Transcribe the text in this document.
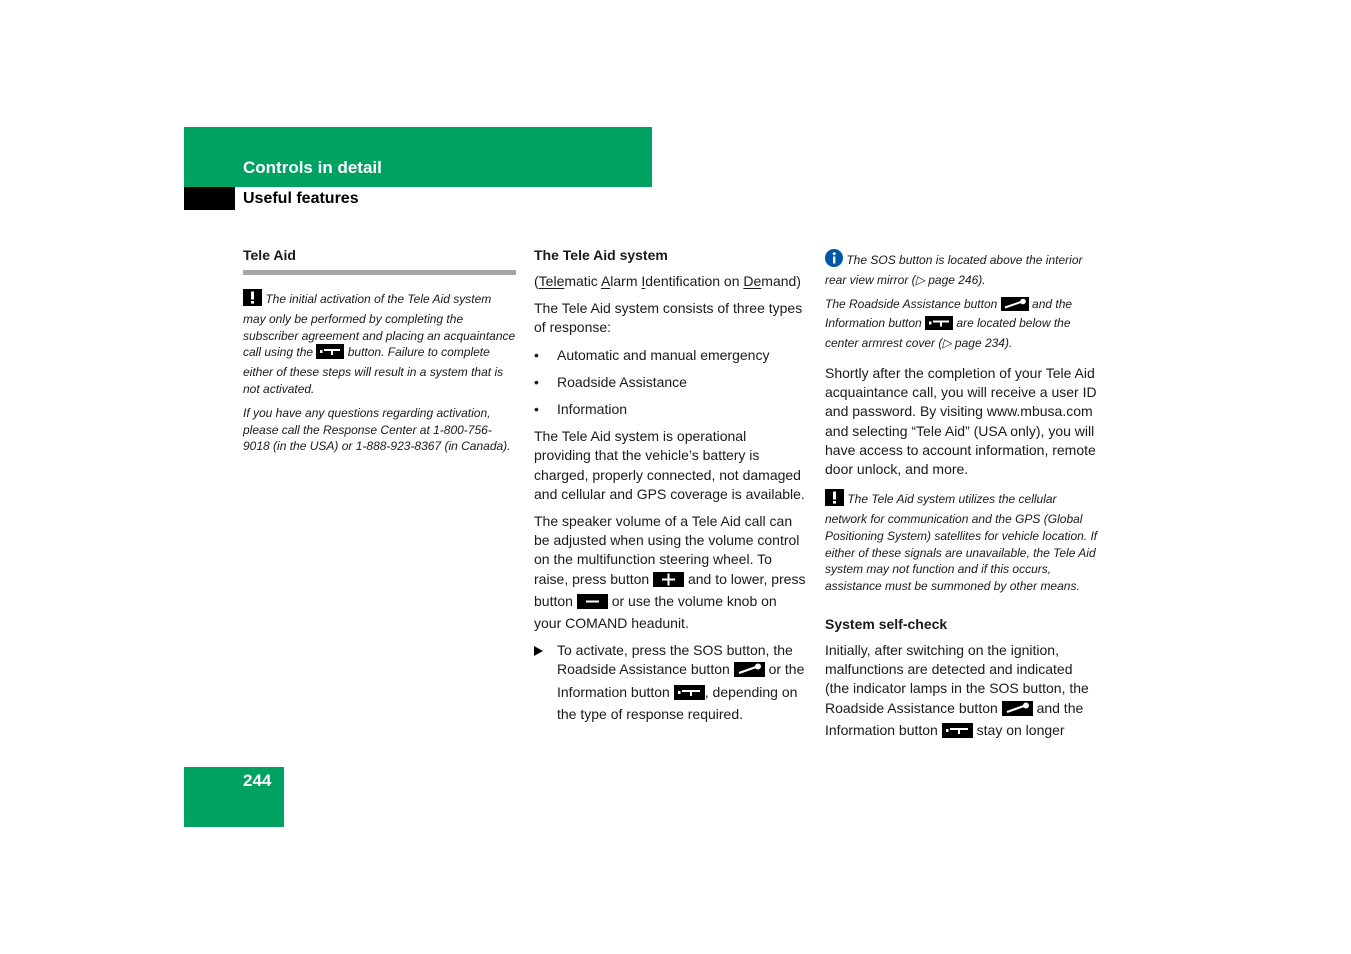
Controls in detail
Useful features
Tele Aid

The initial activation of the Tele Aid system may only be performed by completing the subscriber agreement and placing an acquaintance call using the	button. Failure to complete either of these steps will result in a system that is not activated.

If you have any questions regarding activation, please call the Response Center at 1-800-756-9018 (in the USA) or 1-888-923-8367 (in Canada).

The Tele Aid system

(Telematic Alarm Identification on Demand)

The Tele Aid system consists of three types of response:

• Automatic and manual emergency
• Roadside Assistance
• Information

The Tele Aid system is operational providing that the vehicle’s battery is charged, properly connected, not damaged and cellular and GPS coverage is available.

The speaker volume of a Tele Aid call can be adjusted when using the volume control on the multifunction steering wheel. To raise, press button	and to lower, press button	or use the volume knob on your COMAND headunit.

To activate, press the SOS button, the Roadside Assistance button	or the Information button , depending on the type of response required.

The SOS button is located above the interior rear view mirror (▷ page 246).

The Roadside Assistance button	and the Information button	are located below the center armrest cover (▷ page 234).

Shortly after the completion of your Tele Aid acquaintance call, you will receive a user ID and password. By visiting www.mbusa.com and selecting “Tele Aid” (USA only), you will have access to account information, remote door unlock, and more.

The Tele Aid system utilizes the cellular network for communication and the GPS (Global Positioning System) satellites for vehicle location. If either of these signals are unavailable, the Tele Aid system may not function and if this occurs, assistance must be summoned by other means.

System self-check

Initially, after switching on the ignition, malfunctions are detected and indicated (the indicator lamps in the SOS button, the Roadside Assistance button	and the Information button	stay on longer

244
